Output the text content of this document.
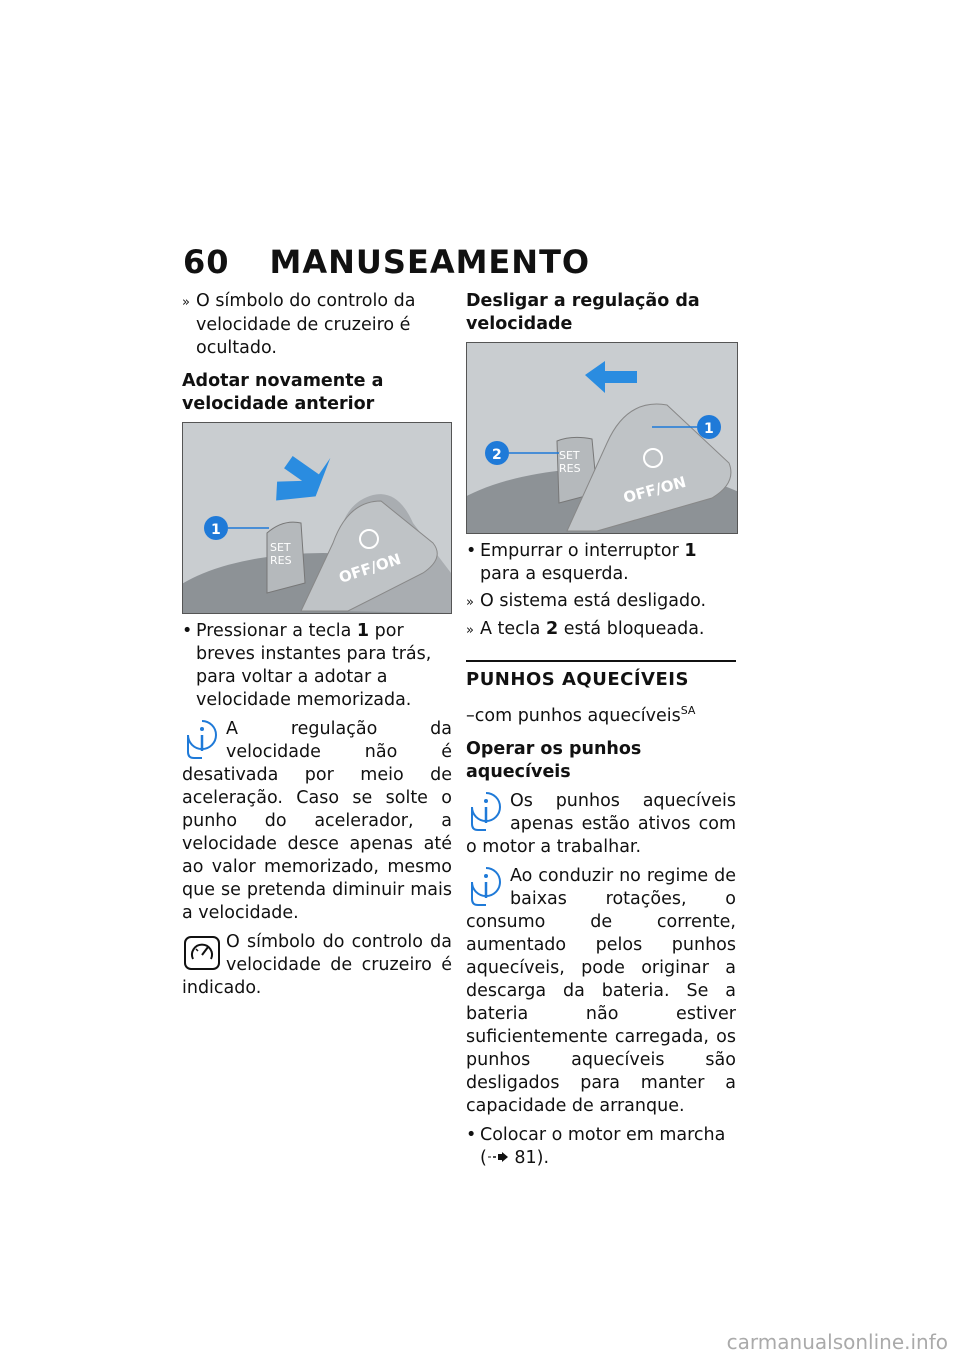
60 MANUSEAMENTO
» O símbolo do controlo da velocidade de cruzeiro é ocultado.
Adotar novamente a velocidade anterior
SET
RES	OFF/ON
1
• Pressionar a tecla 1 por breves instantes para trás, para voltar a adotar a velocidade memorizada.
A regulação da velocidade não é desativada por meio de aceleração. Caso se solte o punho do acelerador, a velocidade desce apenas até ao valor memorizado, mesmo que se pretenda diminuir mais a velocidade.
O símbolo do controlo da velocidade de cruzeiro é indicado.
Desligar a regulação da velocidade
SET
RES
OFF/ON
1
2
• Empurrar o interruptor 1 para a esquerda.
» O sistema está desligado.
» A tecla 2 está bloqueada.
PUNHOS AQUECÍVEIS
–com punhos aquecíveis$^{SA}$
Operar os punhos aquecíveis
Os punhos aquecíveis apenas estão ativos com o motor a trabalhar.
Ao conduzir no regime de baixas rotações, o consumo de corrente, aumentado pelos punhos aquecíveis, pode originar a descarga da bateria. Se a bateria não estiver suficientemente carregada, os punhos aquecíveis são desligados para manter a capacidade de arranque.
• Colocar o motor em marcha
( 81).
carmanualsonline.info
